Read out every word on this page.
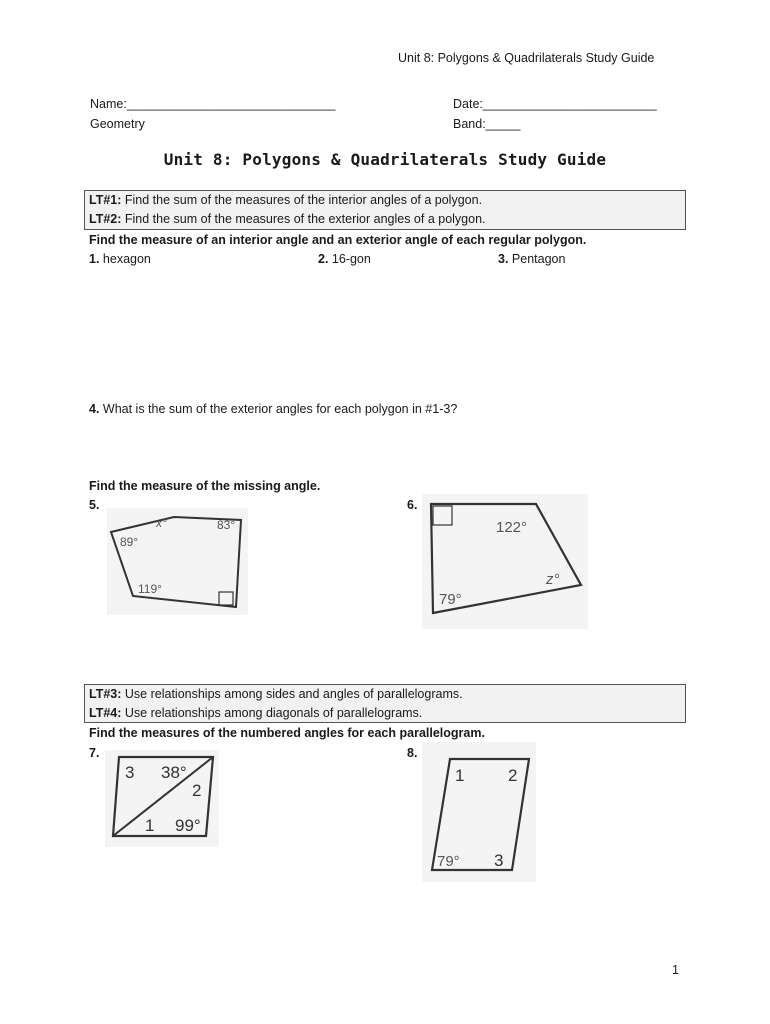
Unit 8: Polygons & Quadrilaterals Study Guide
Name:______________________________	Date:_________________________
Geometry	Band:_____
Unit 8: Polygons & Quadrilaterals Study Guide
LT#1: Find the sum of the measures of the interior angles of a polygon.
LT#2: Find the sum of the measures of the exterior angles of a polygon.
Find the measure of an interior angle and an exterior angle of each regular polygon.
1. hexagon	2. 16-gon	3. Pentagon
4. What is the sum of the exterior angles for each polygon in #1-3?
Find the measure of the missing angle.
5.	6.
x°	83°
89°
119°
122°
z°
79°
LT#3: Use relationships among sides and angles of parallelograms.
LT#4: Use relationships among diagonals of parallelograms.
Find the measures of the numbered angles for each parallelogram.
7.	8.
3 38°
2
1 99°
1	2
79° 3
1
